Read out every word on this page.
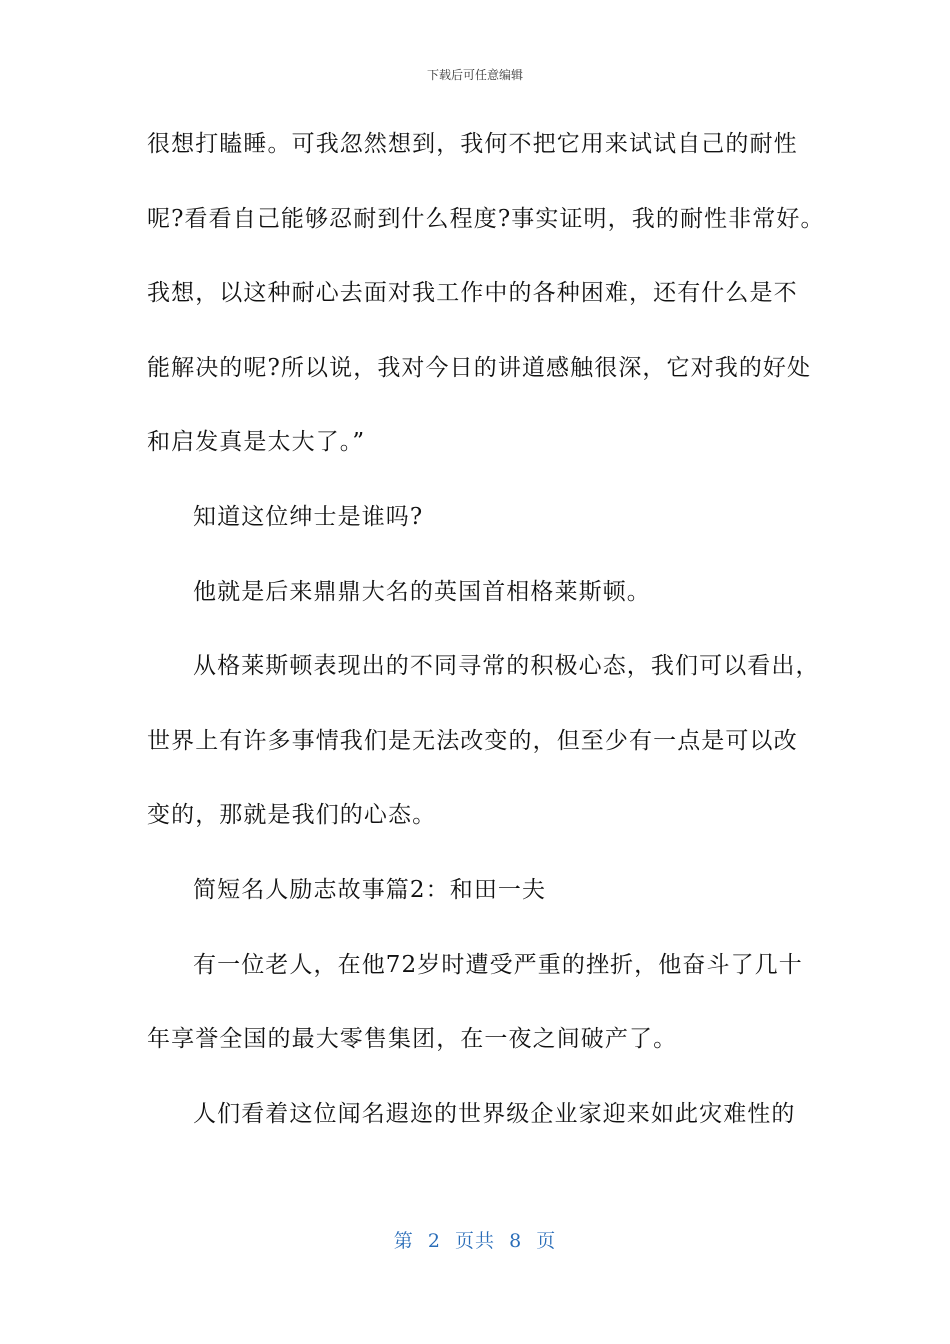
下载后可任意编辑
很想打瞌睡。可我忽然想到，我何不把它用来试试自己的耐性
呢?看看自己能够忍耐到什么程度?事实证明，我的耐性非常好。
我想，以这种耐心去面对我工作中的各种困难，还有什么是不
能解决的呢?所以说，我对今日的讲道感触很深，它对我的好处
和启发真是太大了。”
知道这位绅士是谁吗?
他就是后来鼎鼎大名的英国首相格莱斯顿。
从格莱斯顿表现出的不同寻常的积极心态，我们可以看出，
世界上有许多事情我们是无法改变的，但至少有一点是可以改
变的，那就是我们的心态。
简短名人励志故事篇2：和田一夫
有一位老人，在他72岁时遭受严重的挫折，他奋斗了几十
年享誉全国的最大零售集团，在一夜之间破产了。
人们看着这位闻名遐迩的世界级企业家迎来如此灾难性的
第  2  页共  8  页
